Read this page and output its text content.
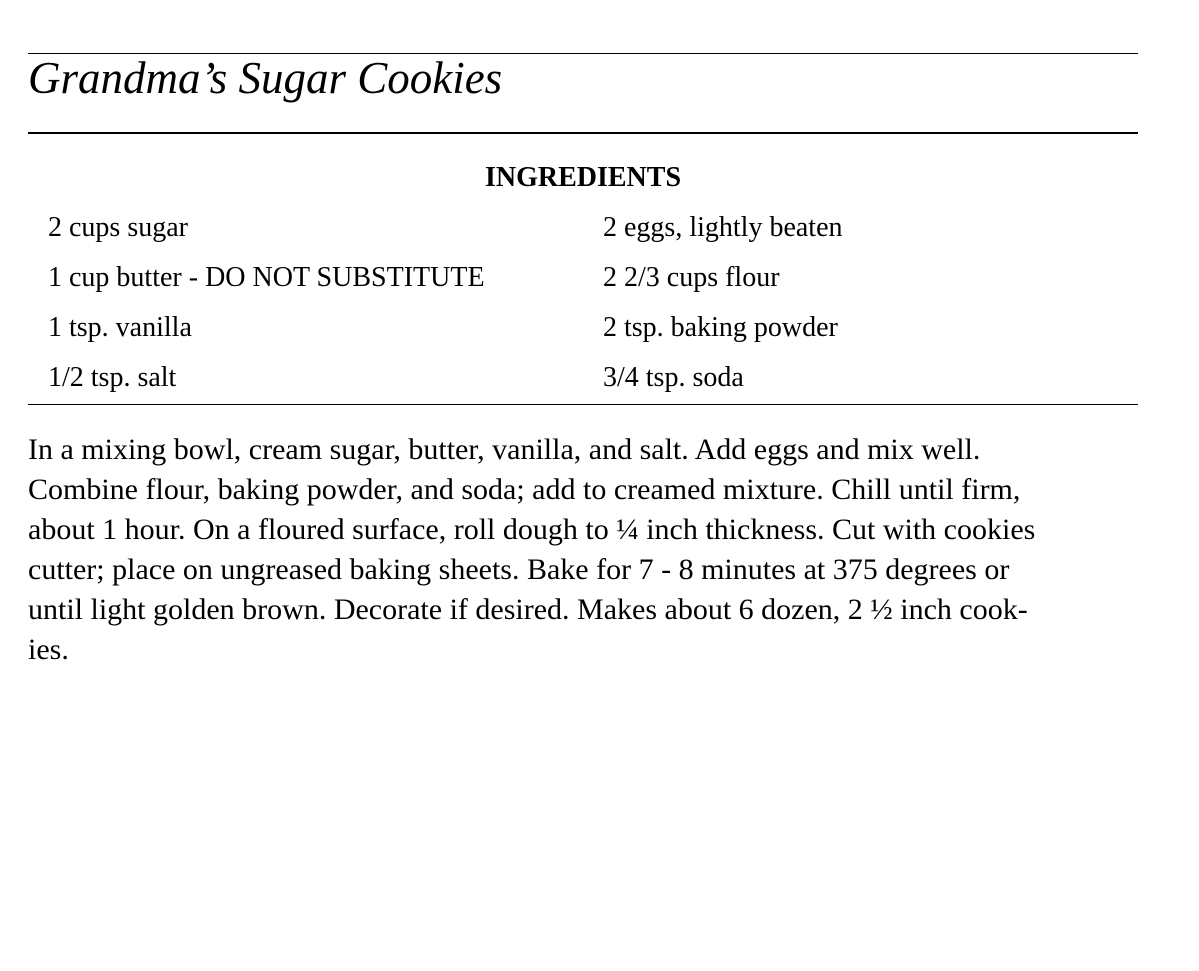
Grandma’s Sugar Cookies
INGREDIENTS
2 cups sugar	2 eggs, lightly beaten
1 cup butter - DO NOT SUBSTITUTE	2 2/3 cups flour
1 tsp. vanilla	2 tsp. baking powder
1/2 tsp. salt	3/4 tsp. soda

In a mixing bowl, cream sugar, butter, vanilla, and salt. Add eggs and mix well.
Combine flour, baking powder, and soda; add to creamed mixture. Chill until firm,
about 1 hour. On a floured surface, roll dough to ¼ inch thickness. Cut with cookies
cutter; place on ungreased baking sheets. Bake for 7 - 8 minutes at 375 degrees or
until light golden brown. Decorate if desired. Makes about 6 dozen, 2 ½ inch cook-
ies.
